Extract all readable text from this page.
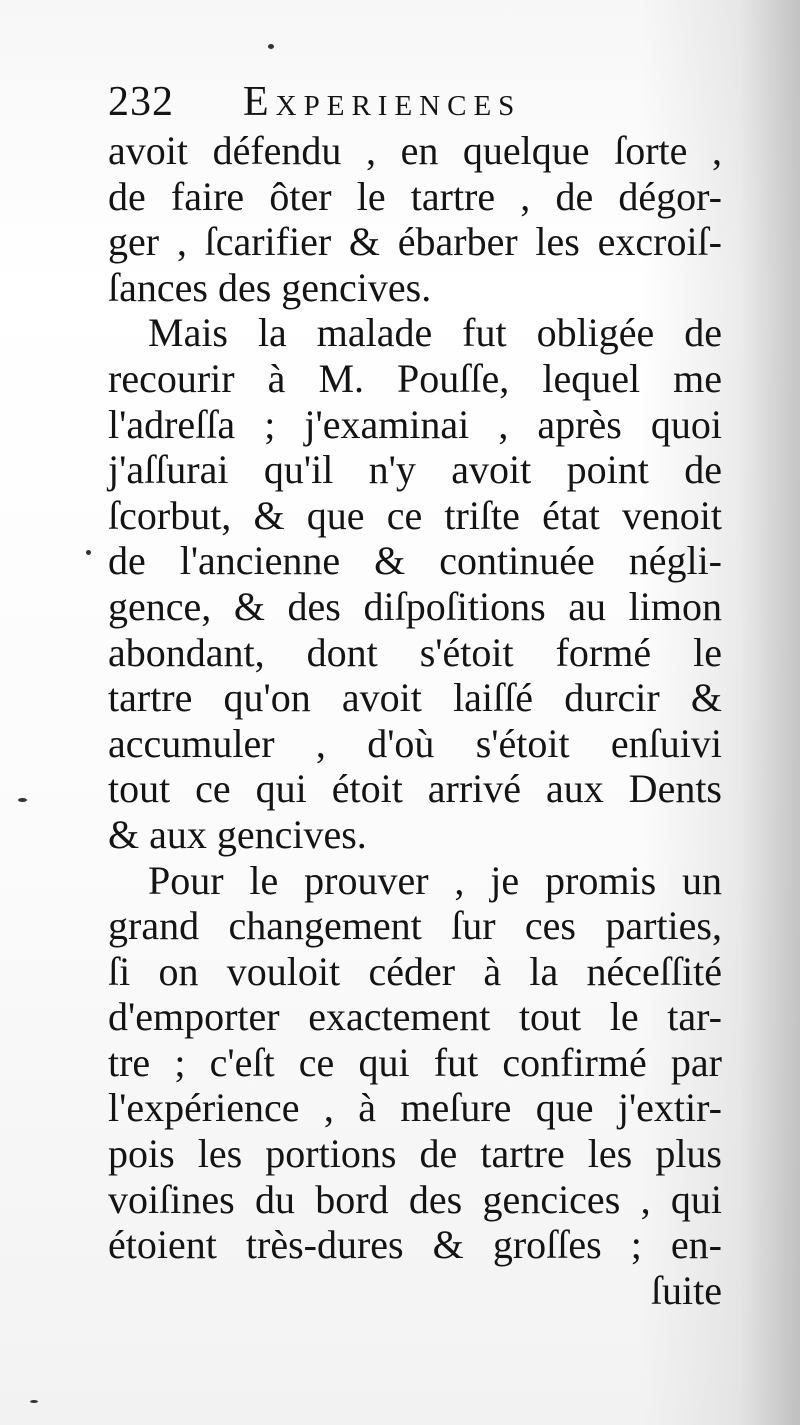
232 Experiences
avoit défendu , en quelque ſorte ,
de faire ôter le tartre , de dégor-
ger , ſcarifier & ébarber les excroiſ-
ſances des gencives.
Mais la malade fut obligée de
recourir à M. Pouſſe, lequel me
l'adreſſa ; j'examinai , après quoi
j'aſſurai qu'il n'y avoit point de
ſcorbut, & que ce triſte état venoit
de l'ancienne & continuée négli-
gence, & des diſpoſitions au limon
abondant, dont s'étoit formé le
tartre qu'on avoit laiſſé durcir &
accumuler , d'où s'étoit enſuivi
tout ce qui étoit arrivé aux Dents
& aux gencives.
Pour le prouver , je promis un
grand changement ſur ces parties,
ſi on vouloit céder à la néceſſité
d'emporter exactement tout le tar-
tre ; c'eſt ce qui fut confirmé par
l'expérience , à meſure que j'extir-
pois les portions de tartre les plus
voiſines du bord des gencices , qui
étoient très-dures & groſſes ; en-
ſuite
